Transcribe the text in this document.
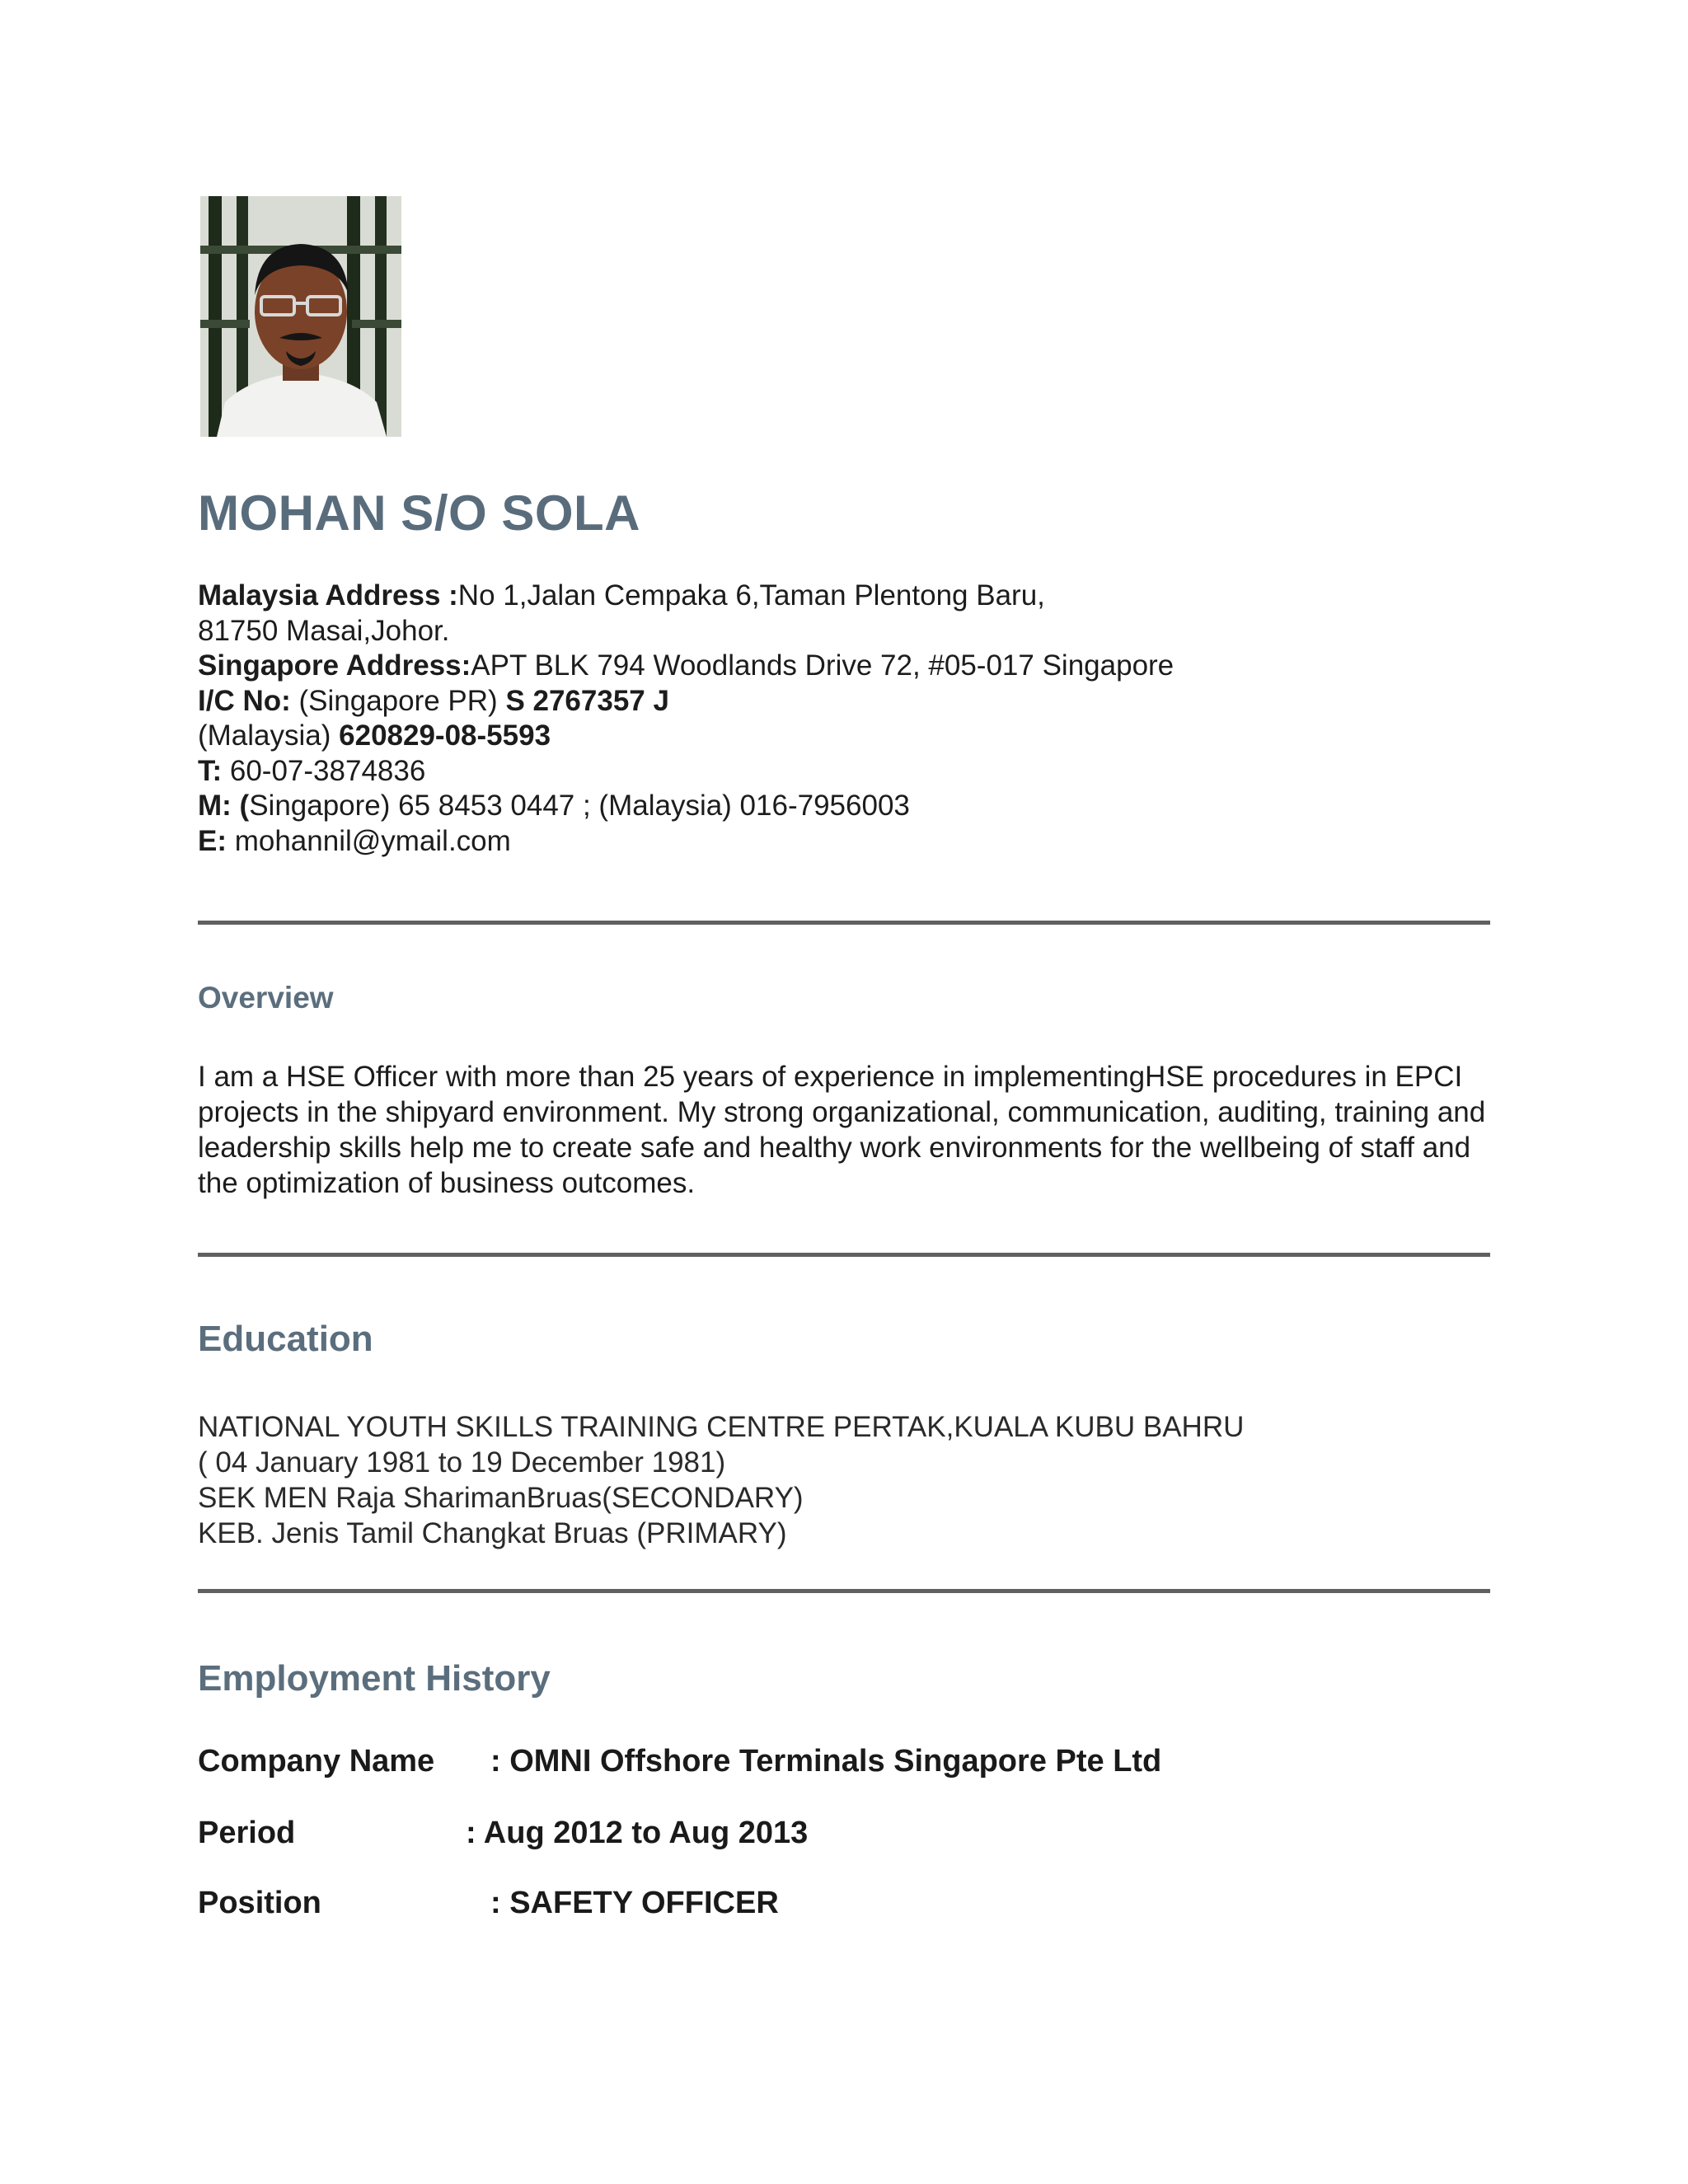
MOHAN S/O SOLA
Malaysia Address :No 1,Jalan Cempaka 6,Taman Plentong Baru,
81750 Masai,Johor.
Singapore Address:APT BLK 794 Woodlands Drive 72, #05-017 Singapore
I/C No: (Singapore PR) S 2767357 J
(Malaysia) 620829-08-5593
T: 60-07-3874836
M: (Singapore) 65 8453 0447 ; (Malaysia) 016-7956003
E: mohannil@ymail.com
Overview

I am a HSE Officer with more than 25 years of experience in implementingHSE procedures in EPCI projects in the shipyard environment. My strong organizational, communication, auditing, training and leadership skills help me to create safe and healthy work environments for the wellbeing of staff and the optimization of business outcomes.

Education
NATIONAL YOUTH SKILLS TRAINING CENTRE PERTAK,KUALA KUBU BAHRU
( 04 January 1981 to 19 December 1981)
SEK MEN Raja SharimanBruas(SECONDARY)
KEB. Jenis Tamil Changkat Bruas (PRIMARY)
Employment History
Company Name : OMNI Offshore Terminals Singapore Pte Ltd
Period	: Aug 2012 to Aug 2013
Position	: SAFETY OFFICER
